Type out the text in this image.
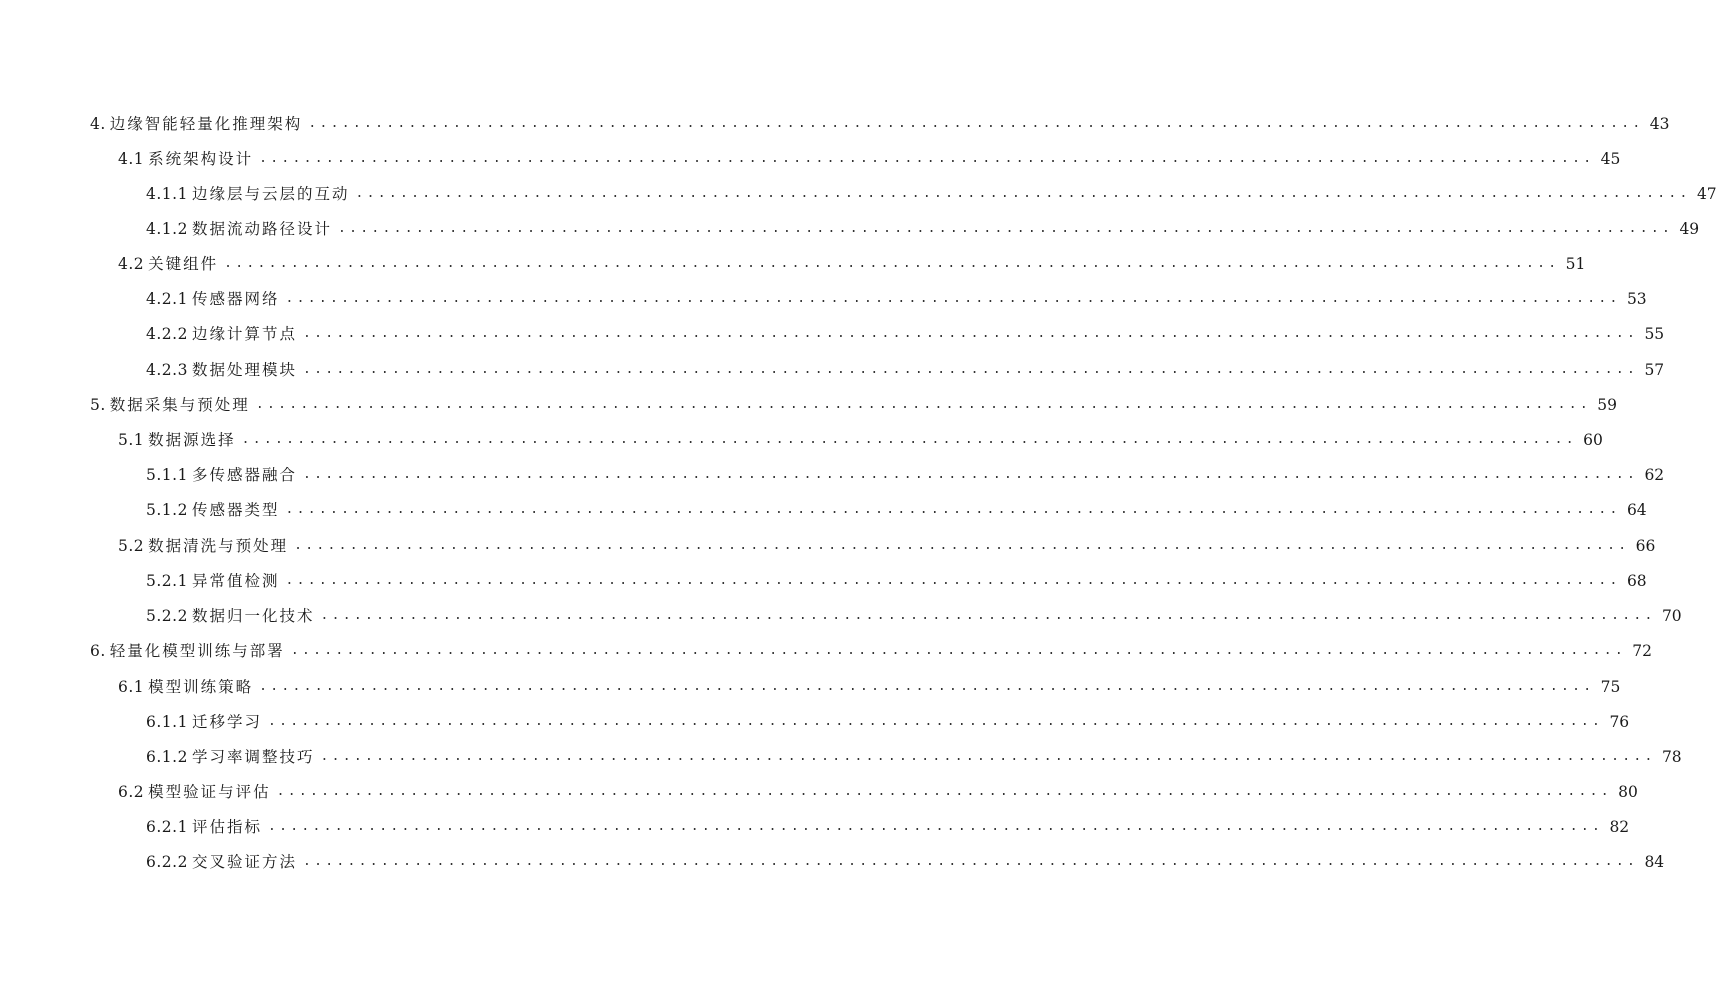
4. 边缘智能轻量化推理架构 ........................................................................................................................ 43
4.1 系统架构设计 ........................................................................................................................ 45
4.1.1 边缘层与云层的互动 ........................................................................................................................ 47
4.1.2 数据流动路径设计 ........................................................................................................................ 49
4.2 关键组件 ........................................................................................................................ 51
4.2.1 传感器网络 ........................................................................................................................ 53
4.2.2 边缘计算节点 ........................................................................................................................ 55
4.2.3 数据处理模块 ........................................................................................................................ 57
5. 数据采集与预处理 ........................................................................................................................ 59
5.1 数据源选择 ........................................................................................................................ 60
5.1.1 多传感器融合 ........................................................................................................................ 62
5.1.2 传感器类型 ........................................................................................................................ 64
5.2 数据清洗与预处理 ........................................................................................................................ 66
5.2.1 异常值检测 ........................................................................................................................ 68
5.2.2 数据归一化技术 ........................................................................................................................ 70
6. 轻量化模型训练与部署 ........................................................................................................................ 72
6.1 模型训练策略 ........................................................................................................................ 75
6.1.1 迁移学习 ........................................................................................................................ 76
6.1.2 学习率调整技巧 ........................................................................................................................ 78
6.2 模型验证与评估 ........................................................................................................................ 80
6.2.1 评估指标 ........................................................................................................................ 82
6.2.2 交叉验证方法 ........................................................................................................................ 84
